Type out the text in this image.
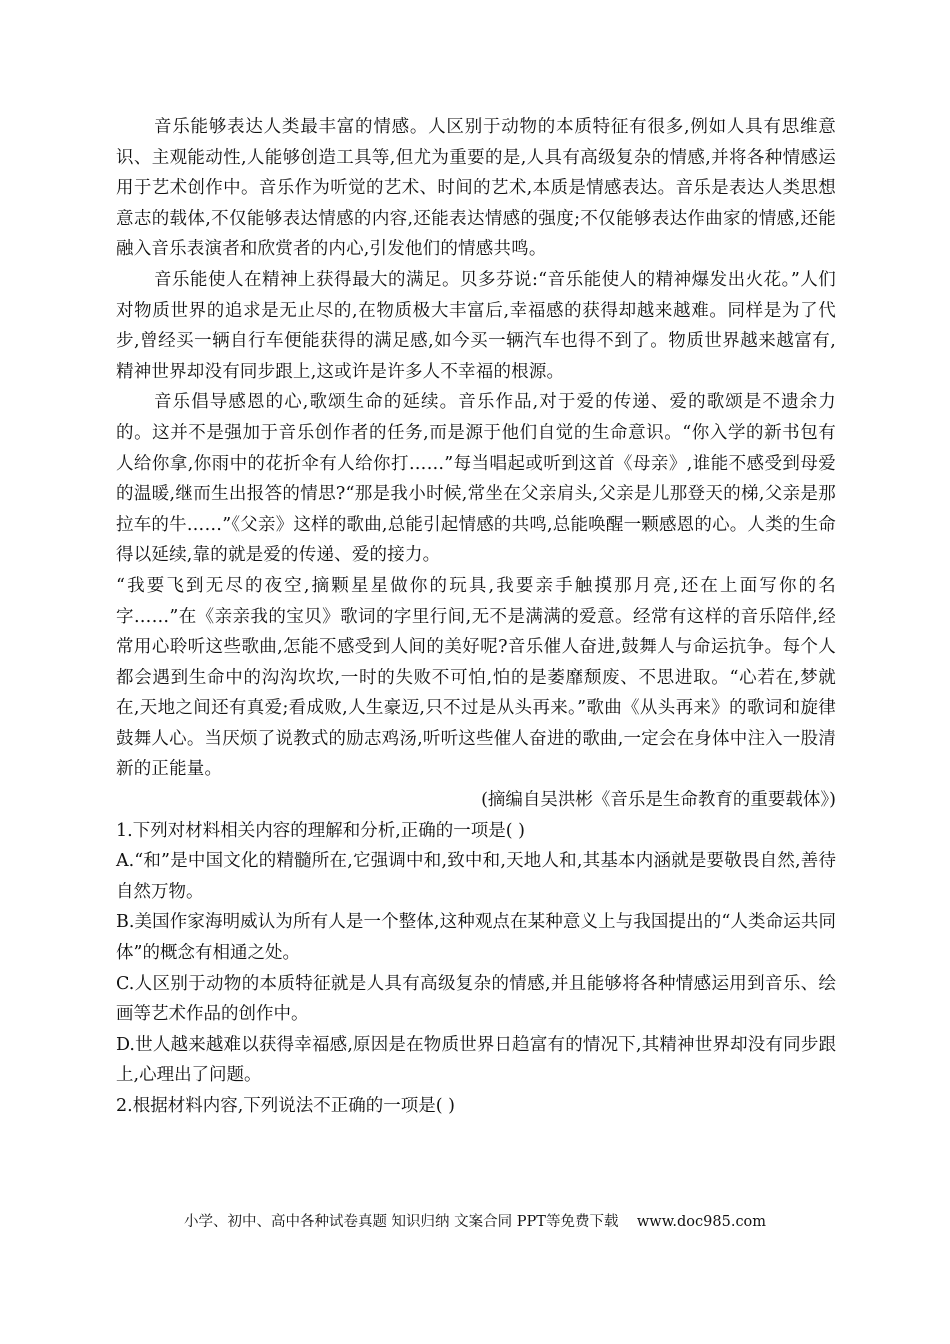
音乐能够表达人类最丰富的情感。人区别于动物的本质特征有很多,例如人具有思维意识、主观能动性,人能够创造工具等,但尤为重要的是,人具有高级复杂的情感,并将各种情感运用于艺术创作中。音乐作为听觉的艺术、时间的艺术,本质是情感表达。音乐是表达人类思想意志的载体,不仅能够表达情感的内容,还能表达情感的强度;不仅能够表达作曲家的情感,还能融入音乐表演者和欣赏者的内心,引发他们的情感共鸣。

音乐能使人在精神上获得最大的满足。贝多芬说:“音乐能使人的精神爆发出火花。”人们对物质世界的追求是无止尽的,在物质极大丰富后,幸福感的获得却越来越难。同样是为了代步,曾经买一辆自行车便能获得的满足感,如今买一辆汽车也得不到了。物质世界越来越富有,精神世界却没有同步跟上,这或许是许多人不幸福的根源。

音乐倡导感恩的心,歌颂生命的延续。音乐作品,对于爱的传递、爱的歌颂是不遗余力的。这并不是强加于音乐创作者的任务,而是源于他们自觉的生命意识。“你入学的新书包有人给你拿,你雨中的花折伞有人给你打……”每当唱起或听到这首《母亲》,谁能不感受到母爱的温暖,继而生出报答的情思?“那是我小时候,常坐在父亲肩头,父亲是儿那登天的梯,父亲是那拉车的牛……”《父亲》这样的歌曲,总能引起情感的共鸣,总能唤醒一颗感恩的心。人类的生命得以延续,靠的就是爱的传递、爱的接力。

“我要飞到无尽的夜空,摘颗星星做你的玩具,我要亲手触摸那月亮,还在上面写你的名字……”在《亲亲我的宝贝》歌词的字里行间,无不是满满的爱意。经常有这样的音乐陪伴,经常用心聆听这些歌曲,怎能不感受到人间的美好呢?音乐催人奋进,鼓舞人与命运抗争。每个人都会遇到生命中的沟沟坎坎,一时的失败不可怕,怕的是萎靡颓废、不思进取。“心若在,梦就在,天地之间还有真爱;看成败,人生豪迈,只不过是从头再来。”歌曲《从头再来》的歌词和旋律鼓舞人心。当厌烦了说教式的励志鸡汤,听听这些催人奋进的歌曲,一定会在身体中注入一股清新的正能量。

(摘编自吴洪彬《音乐是生命教育的重要载体》)

1.下列对材料相关内容的理解和分析,正确的一项是( )

A.“和”是中国文化的精髓所在,它强调中和,致中和,天地人和,其基本内涵就是要敬畏自然,善待自然万物。

B.美国作家海明威认为所有人是一个整体,这种观点在某种意义上与我国提出的“人类命运共同体”的概念有相通之处。

C.人区别于动物的本质特征就是人具有高级复杂的情感,并且能够将各种情感运用到音乐、绘画等艺术作品的创作中。

D.世人越来越难以获得幸福感,原因是在物质世界日趋富有的情况下,其精神世界却没有同步跟上,心理出了问题。

2.根据材料内容,下列说法不正确的一项是( )

小学、初中、高中各种试卷真题 知识归纳 文案合同 PPT等免费下载    www.doc985.com
